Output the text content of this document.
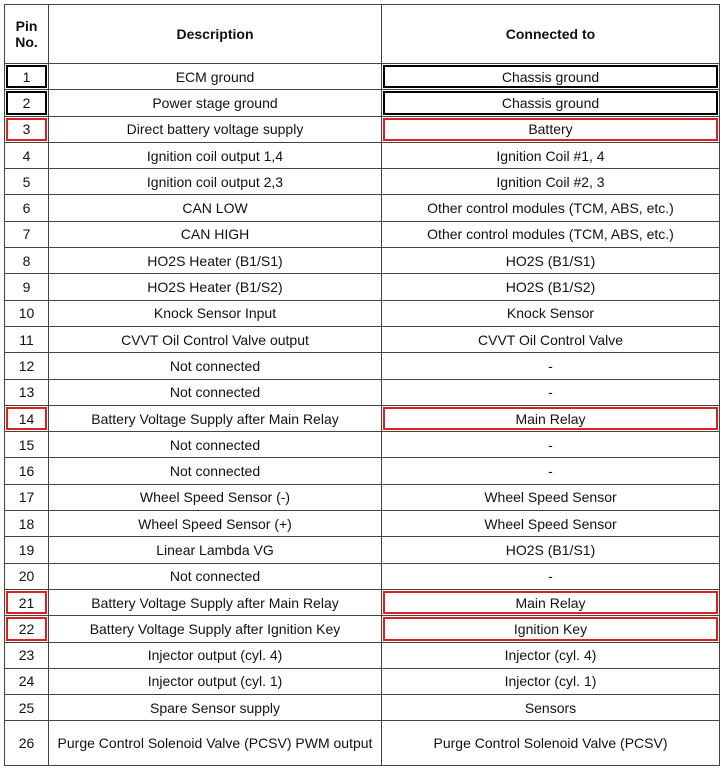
Pin No.	Description	Connected to
1	ECM ground	Chassis ground
2	Power stage ground	Chassis ground
3	Direct battery voltage supply	Battery
4	Ignition coil output 1,4	Ignition Coil #1, 4
5	Ignition coil output 2,3	Ignition Coil #2, 3
6	CAN LOW	Other control modules (TCM, ABS, etc.)
7	CAN HIGH	Other control modules (TCM, ABS, etc.)
8	HO2S Heater (B1/S1)	HO2S (B1/S1)
9	HO2S Heater (B1/S2)	HO2S (B1/S2)
10	Knock Sensor Input	Knock Sensor
11	CVVT Oil Control Valve output	CVVT Oil Control Valve
12	Not connected	-
13	Not connected	-
14	Battery Voltage Supply after Main Relay	Main Relay
15	Not connected	-
16	Not connected	-
17	Wheel Speed Sensor (-)	Wheel Speed Sensor
18	Wheel Speed Sensor (+)	Wheel Speed Sensor
19	Linear Lambda VG	HO2S (B1/S1)
20	Not connected	-
21	Battery Voltage Supply after Main Relay	Main Relay
22	Battery Voltage Supply after Ignition Key	Ignition Key
23	Injector output (cyl. 4)	Injector (cyl. 4)
24	Injector output (cyl. 1)	Injector (cyl. 1)
25	Spare Sensor supply	Sensors
26	Purge Control Solenoid Valve (PCSV) PWM output	Purge Control Solenoid Valve (PCSV)
